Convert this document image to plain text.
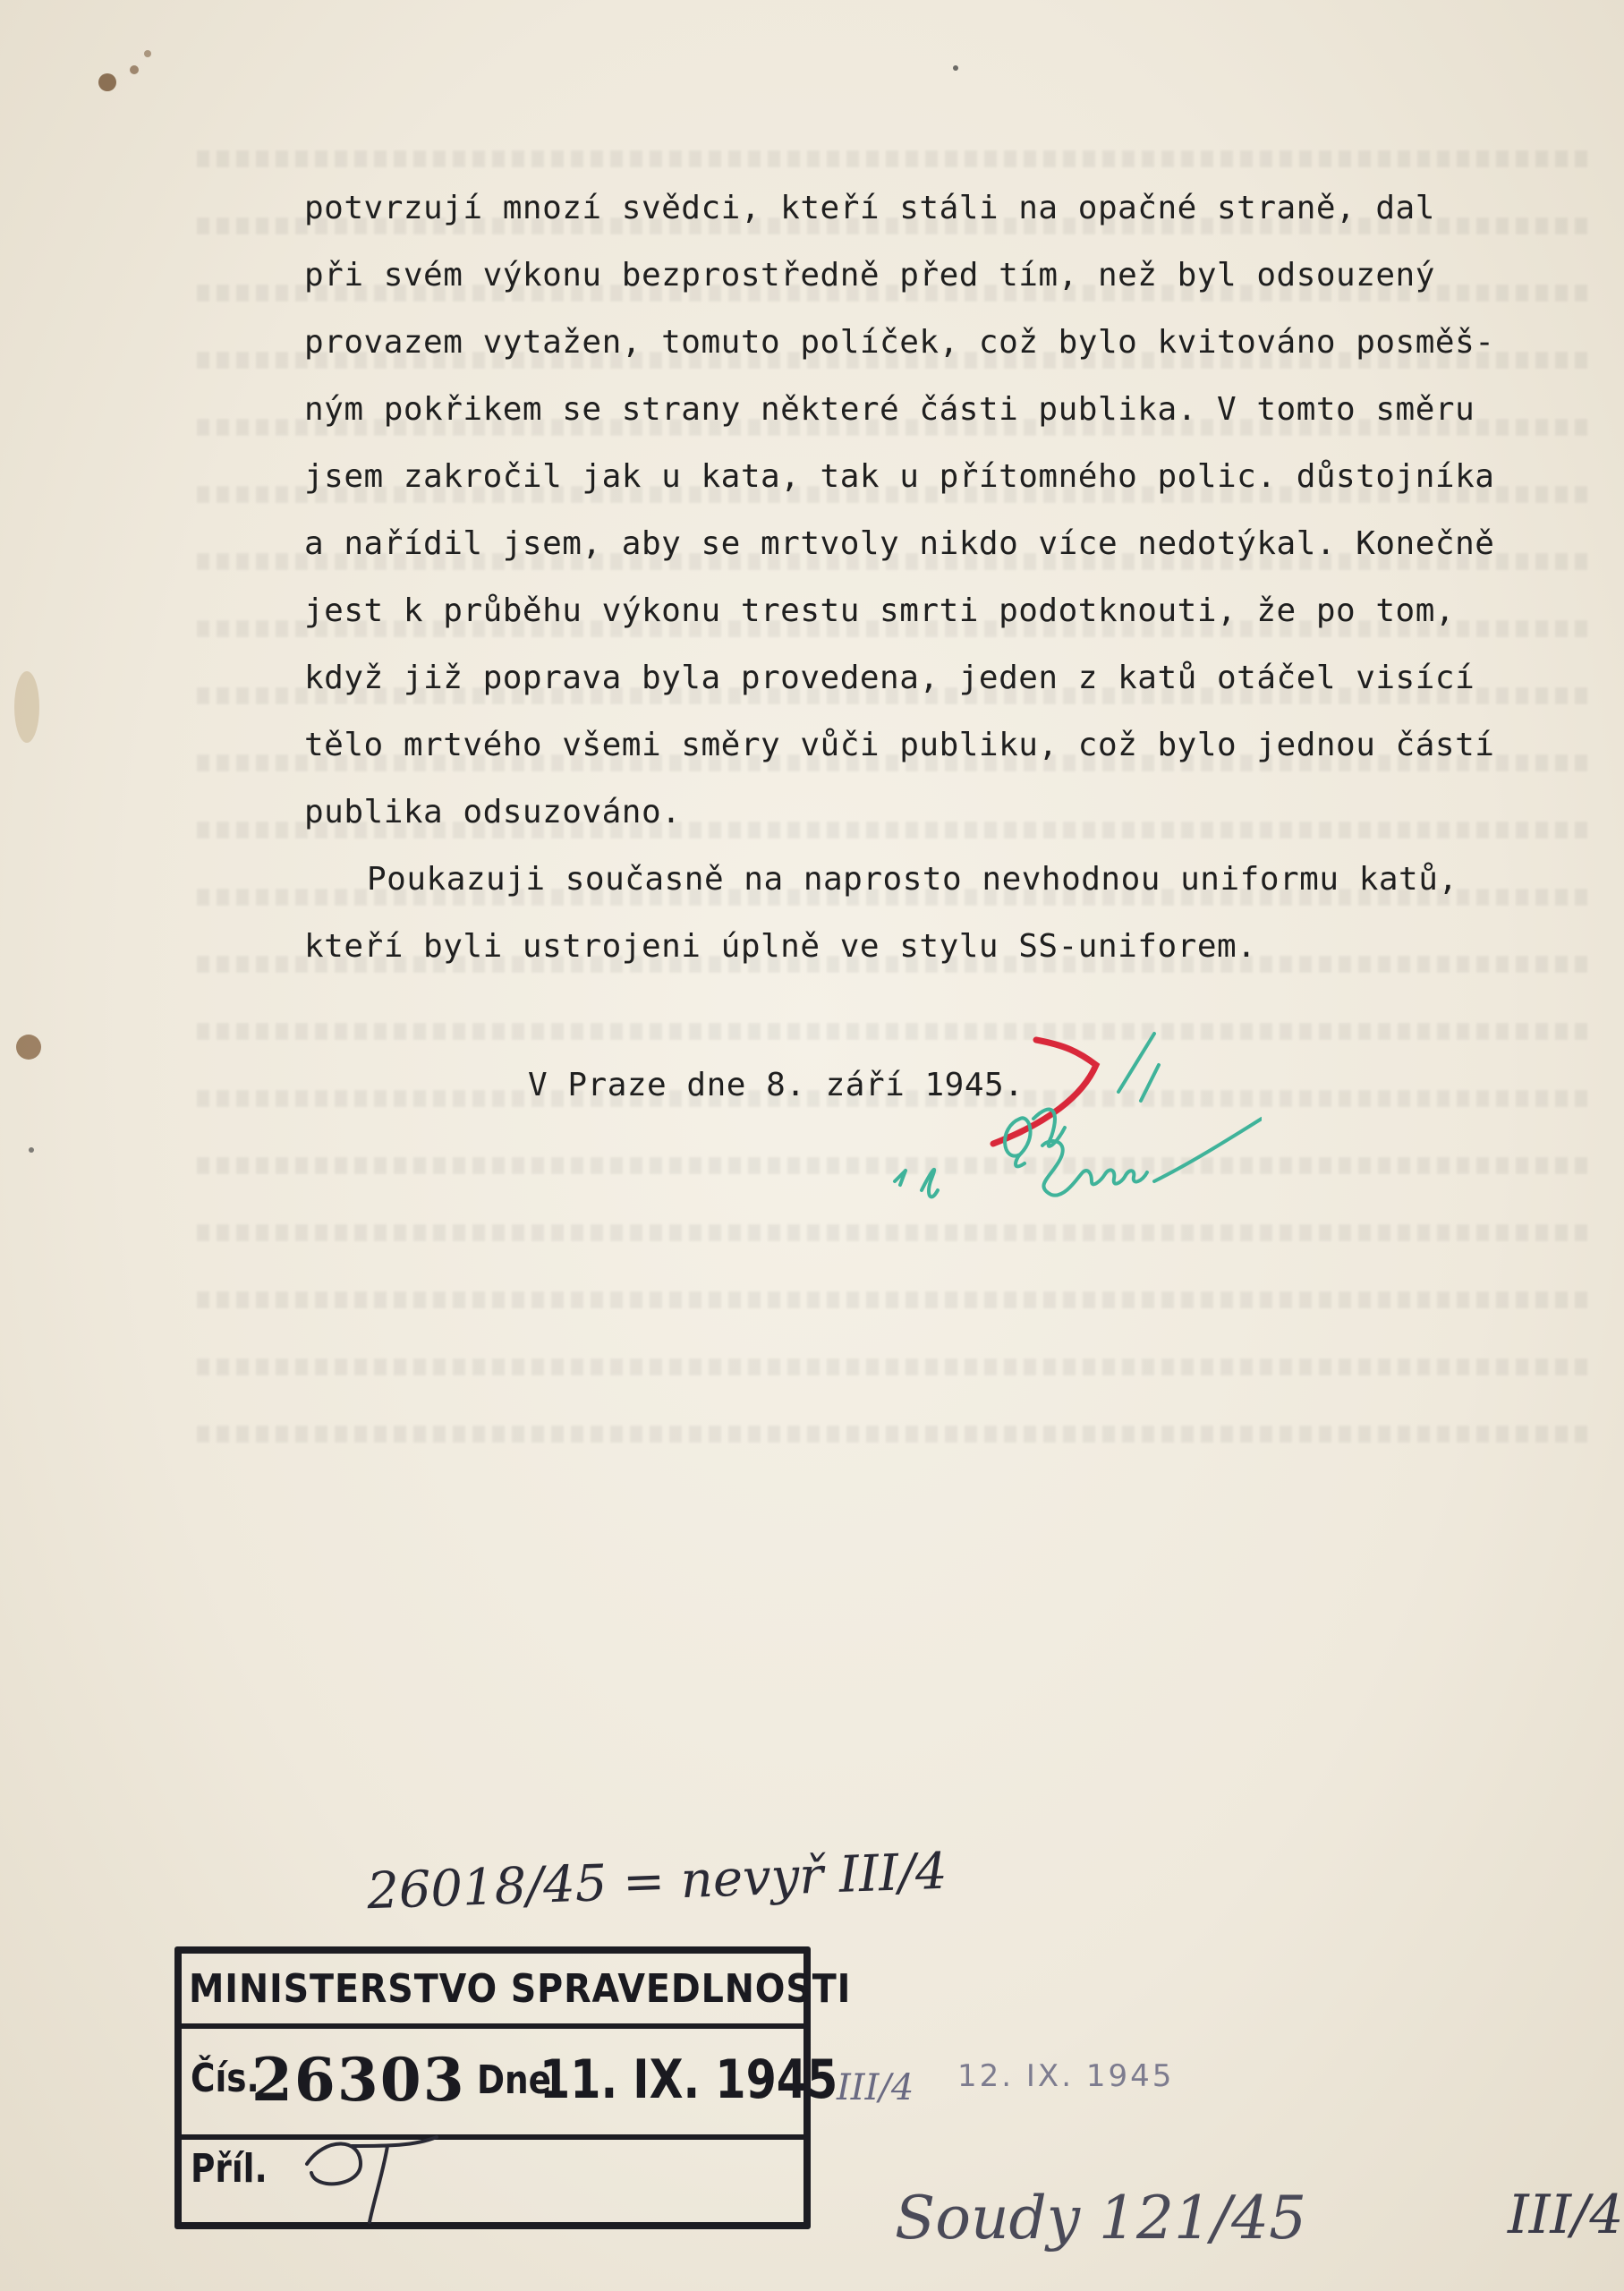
potvrzují mnozí svědci, kteří stáli na opačné straně, dal
při svém výkonu bezprostředně před tím, než byl odsouzený
provazem vytažen, tomuto políček, což bylo kvitováno posměš-
ným pokřikem se strany některé části publika. V tomto směru
jsem zakročil jak u kata, tak u přítomného polic. důstojníka
a nařídil jsem, aby se mrtvoly nikdo více nedotýkal. Konečně
jest k průběhu výkonu trestu smrti podotknouti, že po tom,
když již poprava byla provedena, jeden z katů otáčel visící
tělo mrtvého všemi směry vůči publiku, což bylo jednou částí
publika odsuzováno.
Poukazuji současně na naprosto nevhodnou uniformu katů,
kteří byli ustrojeni úplně ve stylu SS-uniforem.
V Praze dne 8. září 1945.
MINISTERSTVO SPRAVEDLNOSTI
Čís.
26303 Dne
11. IX. 1945
Příl.
26018/45 = nevyř III/4
12. IX. 1945
III/4
Soudy 121/45	III/4
